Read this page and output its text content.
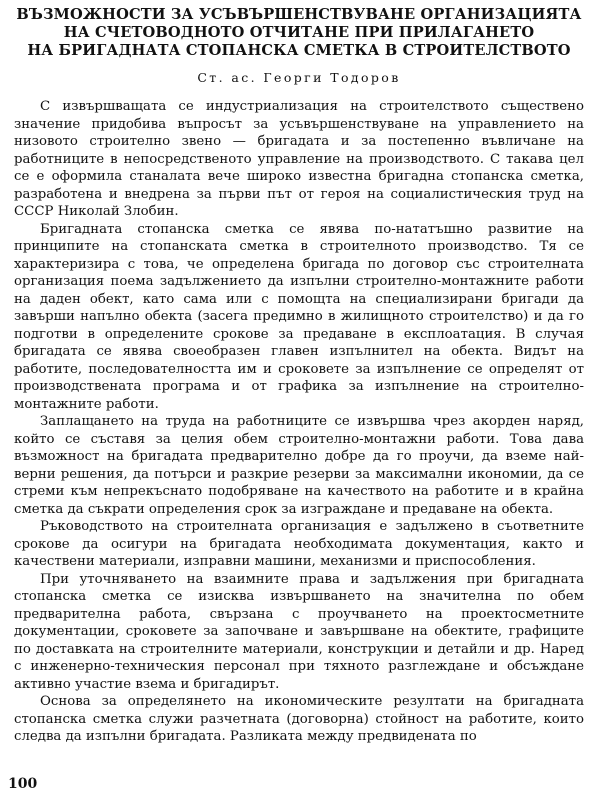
ВЪЗМОЖНОСТИ ЗА УСЪВЪРШЕНСТВУВАНЕ ОРГАНИЗАЦИЯТА
НА СЧЕТОВОДНОТО ОТЧИТАНЕ ПРИ ПРИЛАГАНЕТО
НА БРИГАДНАТА СТОПАНСКА СМЕТКА В СТРОИТЕЛСТВОТО
Ст. ас. Георги Тодоров

С извършващата се индустриализация на строителството съществено значение придобива въпросът за усъвършенствуване на управлението на низовото строително звено — бригадата и за постепенно въвличане на работниците в непосредственото управление на производството. С такава цел се е оформила станалата вече широко известна бригадна стопанска сметка, разработена и внедрена за първи път от героя на социалистическия труд на СССР Николай Злобин.

Бригадната стопанска сметка се явява по-нататъшно развитие на принципите на стопанската сметка в строителното производство. Тя се характеризира с това, че определена бригада по договор със строителната организация поема задължението да изпълни строително-монтажните работи на даден обект, като сама или с помощта на специализирани бригади да завърши напълно обекта (засега предимно в жилищното строителство) и да го подготви в определените срокове за предаване в експлоатация. В случая бригадата се явява своеобразен главен изпълнител на обекта. Видът на работите, последователността им и сроковете за изпълнение се определят от производствената програма и от графика за изпълнение на строително-монтажните работи.

Заплащането на труда на работниците се извършва чрез акорден наряд, който се съставя за целия обем строително-монтажни работи. Това дава възможност на бригадата предварително добре да го проучи, да вземе най-верни решения, да потърси и разкрие резерви за максимални икономии, да се стреми към непрекъснато подобряване на качеството на работите и в крайна сметка да съкрати определения срок за изграждане и предаване на обекта.

Ръководството на строителната организация е задължено в съответните срокове да осигури на бригадата необходимата документация, както и качествени материали, изправни машини, механизми и приспособления.

При уточняването на взаимните права и задължения при бригадната стопанска сметка се изисква извършването на значителна по обем предварителна работа, свързана с проучването на проектосметните документации, сроковете за започване и завършване на обектите, графиците по доставката на строителните материали, конструкции и детайли и др. Наред с инженерно-техническия персонал при тяхното разглеждане и обсъждане активно участие взема и бригадирът.

Основа за определянето на икономическите резултати на бригадната стопанска сметка служи разчетната (договорна) стойност на работите, които следва да изпълни бригадата. Разликата между предвидената по

100
